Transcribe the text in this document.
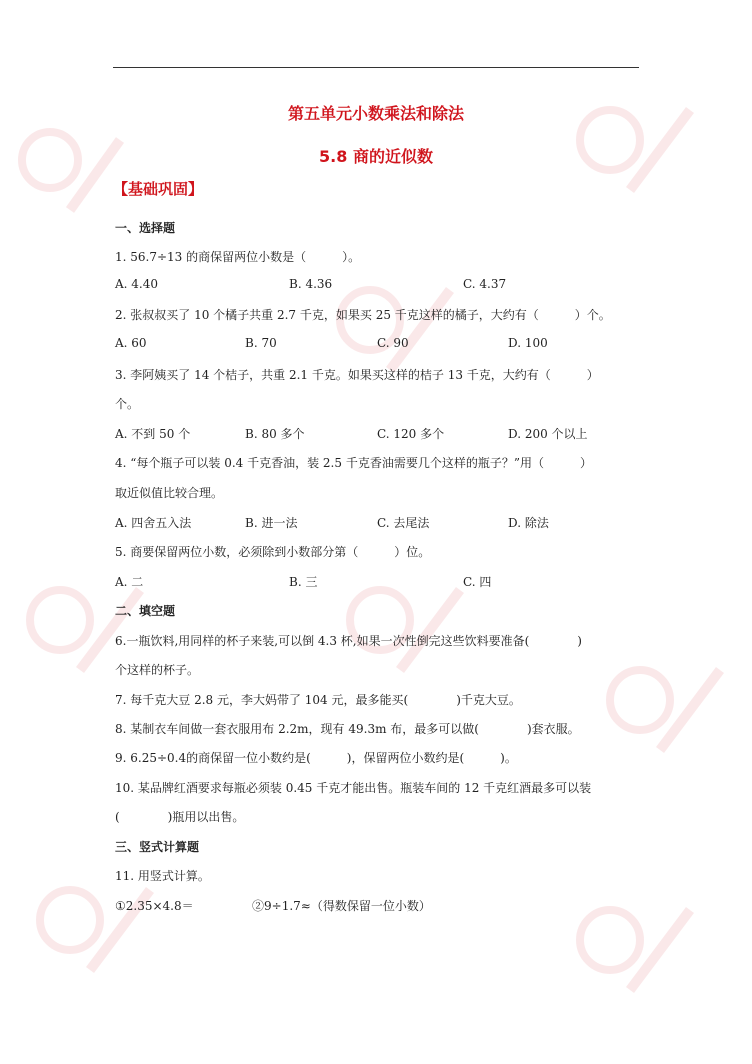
第五单元小数乘法和除法
5.8 商的近似数
【基础巩固】
一、选择题
1. 56.7÷13 的商保留两位小数是（　　　）。
A. 4.40	B. 4.36	C. 4.37
2. 张叔叔买了 10 个橘子共重 2.7 千克，如果买 25 千克这样的橘子，大约有（　　　）个。
A. 60	B. 70	C. 90	D. 100
3. 李阿姨买了 14 个桔子，共重 2.1 千克。如果买这样的桔子 13 千克，大约有（　　　）
个。
A. 不到 50 个	B. 80 多个	C. 120 多个	D. 200 个以上
4. “每个瓶子可以装 0.4 千克香油，装 2.5 千克香油需要几个这样的瓶子？”用（　　　）
取近似值比较合理。
A. 四舍五入法	B. 进一法	C. 去尾法	D. 除法
5. 商要保留两位小数，必须除到小数部分第（　　　）位。
A. 二	B. 三	C. 四
二、填空题
6.一瓶饮料,用同样的杯子来装,可以倒 4.3 杯,如果一次性倒完这些饮料要准备(　　　　)
个这样的杯子。
7. 每千克大豆 2.8 元，李大妈带了 104 元，最多能买(　　　　)千克大豆。
8. 某制衣车间做一套衣服用布 2.2m，现有 49.3m 布，最多可以做(　　　　)套衣服。
9. 6.25÷0.4的商保留一位小数约是(　　　)，保留两位小数约是(　　　)。
10. 某品牌红酒要求每瓶必须装 0.45 千克才能出售。瓶装车间的 12 千克红酒最多可以装
(　　　　)瓶用以出售。
三、竖式计算题
11. 用竖式计算。
①2.35×4.8＝	②9÷1.7≈（得数保留一位小数）
